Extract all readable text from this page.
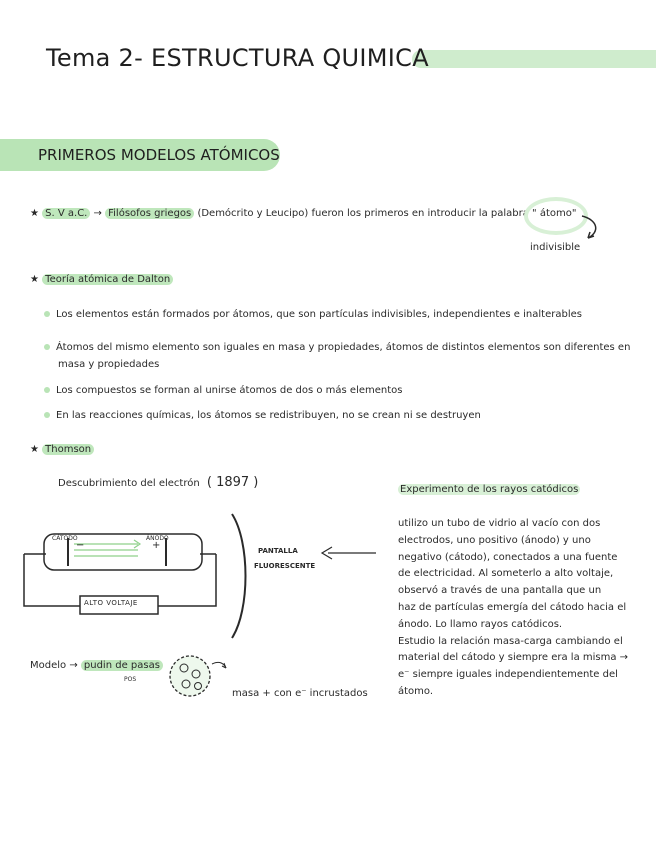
Tema 2- ESTRUCTURA QUIMICA
PRIMEROS MODELOS ATÓMICOS
★ S. V a.C. → Filósofos griegos (Demócrito y Leucipo) fueron los primeros en introducir la palabra " átomo"
indivisible
★ Teoría atómica de Dalton
Los elementos están formados por átomos, que son partículas indivisibles, independientes e inalterables
Átomos del mismo elemento son iguales en masa y propiedades, átomos de distintos elementos son diferentes en
masa y propiedades
Los compuestos se forman al unirse átomos de dos o más elementos
En las reacciones químicas, los átomos se redistribuyen, no se crean ni se destruyen
★ Thomson
Descubrimiento del electrón ( 1897 )
CÁTODO	ÁNODO
−	+
ALTO VOLTAJE
PANTALLA
FLUORESCENTE
Experimento de los rayos catódicos
utilizo un tubo de vidrio al vacío con dos
electrodos, uno positivo (ánodo) y uno
negativo (cátodo), conectados a una fuente
de electricidad. Al someterlo a alto voltaje,
observó a través de una pantalla que un
haz de partículas emergía del cátodo hacia el
ánodo. Lo llamo rayos catódicos.
Estudio la relación masa-carga cambiando el
material del cátodo y siempre era la misma →
e⁻ siempre iguales independientemente del
átomo.
Modelo → pudin de pasas
POS
masa + con e⁻ incrustados
